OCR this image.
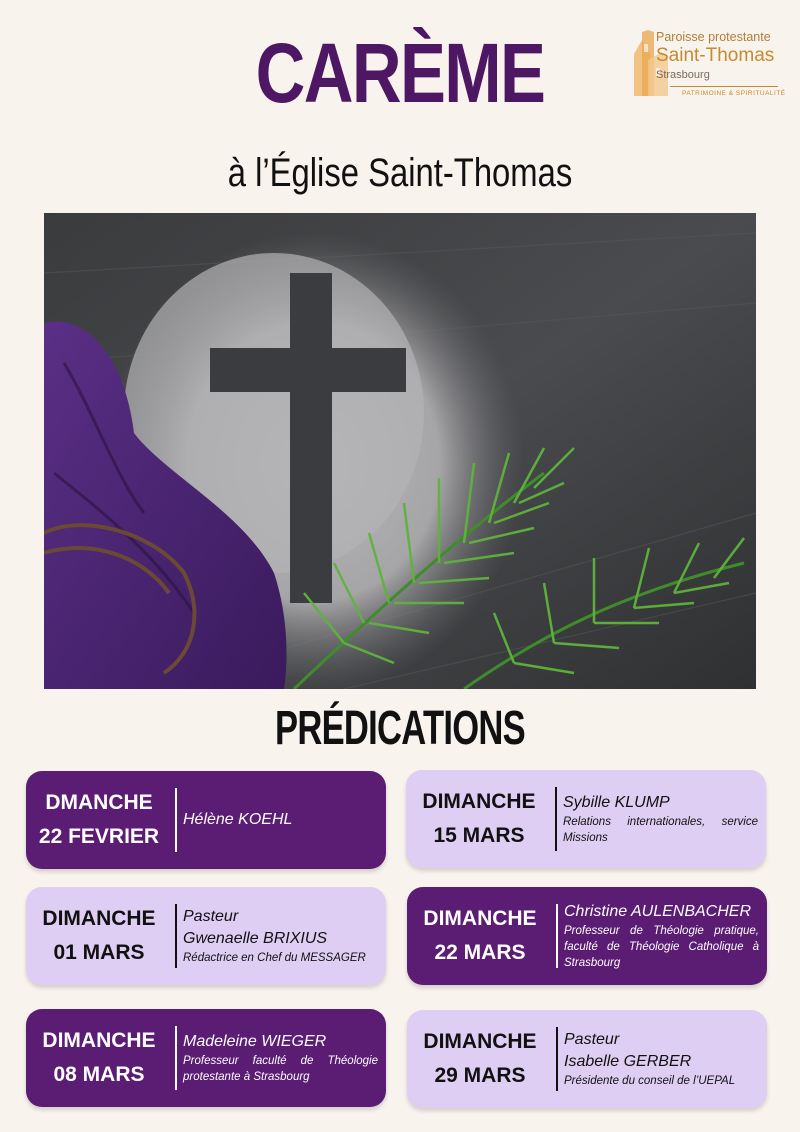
CARÈME
à l’Église Saint-Thomas
Paroisse protestante
Saint-Thomas
Strasbourg
PATRIMOINE & SPIRITUALITÉ
PRÉDICATIONS
DMANCHE
22 FEVRIER
Hélène KOEHL
DIMANCHE
15 MARS
Sybille KLUMP
Relations internationales, service Missions
DIMANCHE
01 MARS
Pasteur
Gwenaelle BRIXIUS
Rédactrice en Chef du MESSAGER
DIMANCHE
22 MARS
Christine AULENBACHER
Professeur de Théologie pratique, faculté de Théologie Catholique à Strasbourg
DIMANCHE
08 MARS
Madeleine WIEGER
Professeur faculté de Théologie protestante à Strasbourg
DIMANCHE
29 MARS
Pasteur
Isabelle GERBER
Présidente du conseil de l’UEPAL
